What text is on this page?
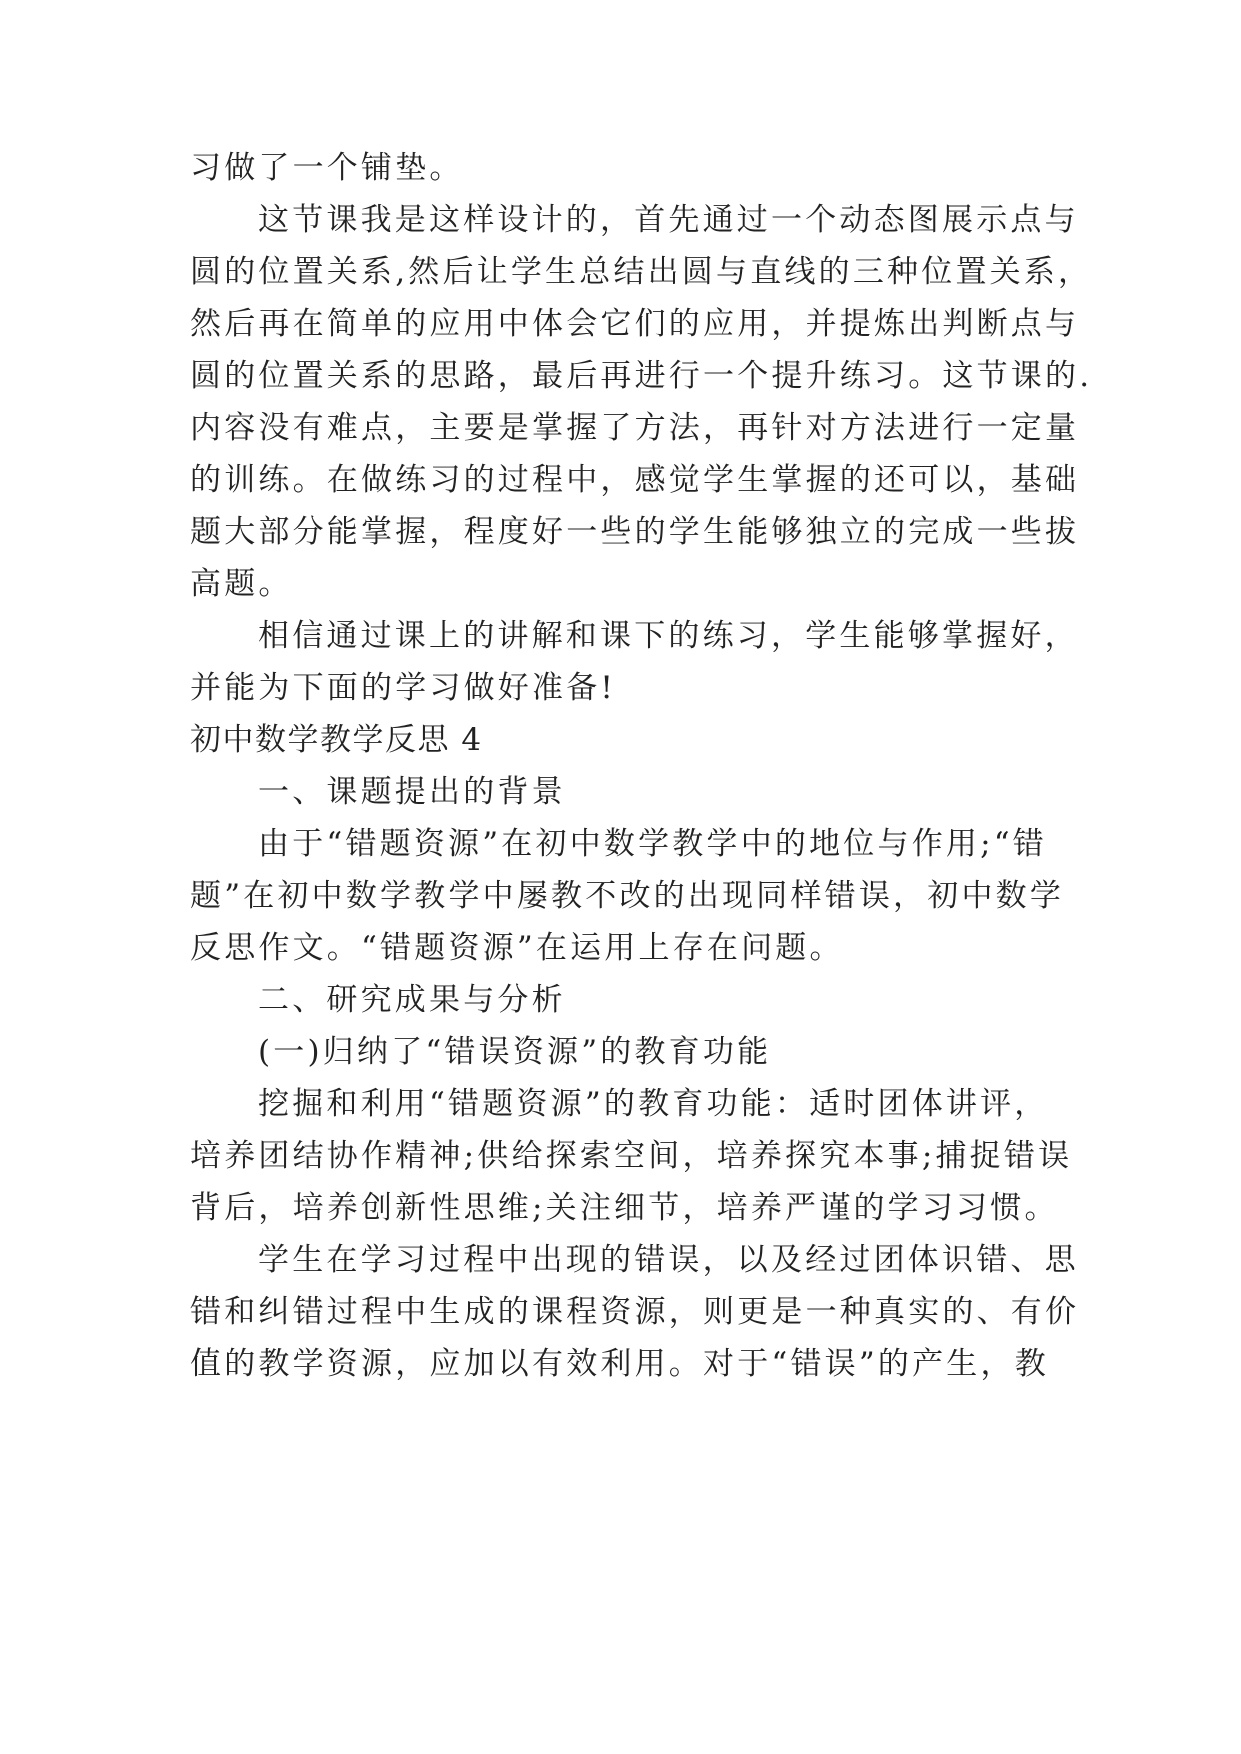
习做了一个铺垫。

这节课我是这样设计的，首先通过一个动态图展示点与

圆的位置关系,然后让学生总结出圆与直线的三种位置关系，

然后再在简单的应用中体会它们的应用，并提炼出判断点与

圆的位置关系的思路，最后再进行一个提升练习。这节课的.

内容没有难点，主要是掌握了方法，再针对方法进行一定量

的训练。在做练习的过程中，感觉学生掌握的还可以，基础

题大部分能掌握，程度好一些的学生能够独立的完成一些拔

高题。

相信通过课上的讲解和课下的练习，学生能够掌握好，

并能为下面的学习做好准备!

初中数学教学反思 4

一、课题提出的背景

由于“错题资源”在初中数学教学中的地位与作用;“错

题”在初中数学教学中屡教不改的出现同样错误，初中数学

反思作文。“错题资源”在运用上存在问题。

二、研究成果与分析

(一)归纳了“错误资源”的教育功能

挖掘和利用“错题资源”的教育功能：适时团体讲评，

培养团结协作精神;供给探索空间，培养探究本事;捕捉错误

背后，培养创新性思维;关注细节，培养严谨的学习习惯。

学生在学习过程中出现的错误，以及经过团体识错、思

错和纠错过程中生成的课程资源，则更是一种真实的、有价

值的教学资源，应加以有效利用。对于“错误”的产生，教
